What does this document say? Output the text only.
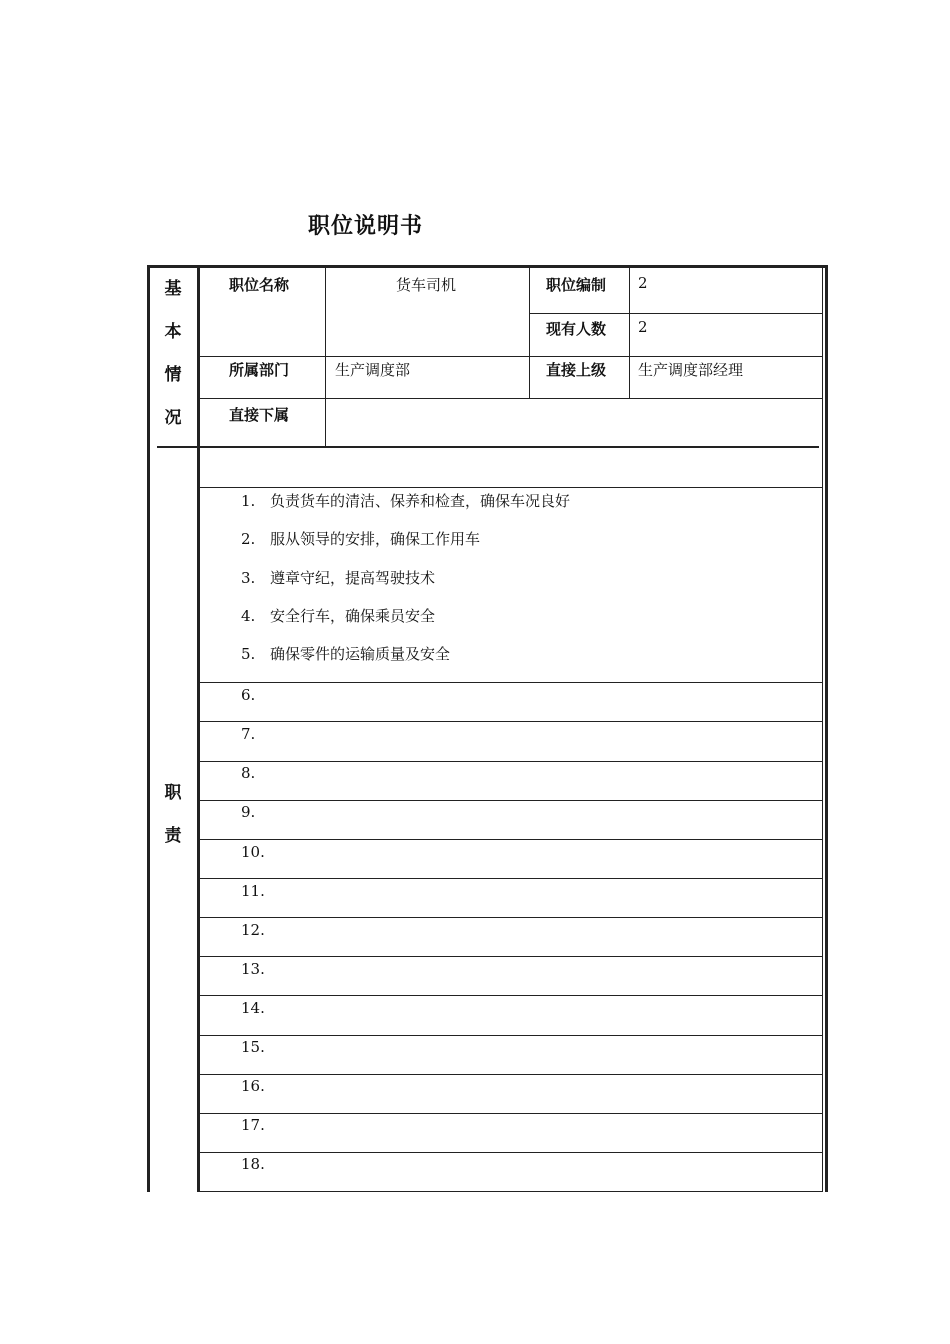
职位说明书
基
本
情
况
职位名称	货车司机	职位编制 2
现有人数 2
所属部门	生产调度部	直接上级 生产调度部经理
直接下属
职
责
1. 负责货车的清洁、保养和检查，确保车况良好
2. 服从领导的安排，确保工作用车
3. 遵章守纪，提高驾驶技术
4. 安全行车，确保乘员安全
5. 确保零件的运输质量及安全
6.
7.
8.
9.
10.
11.
12.
13.
14.
15.
16.
17.
18.
